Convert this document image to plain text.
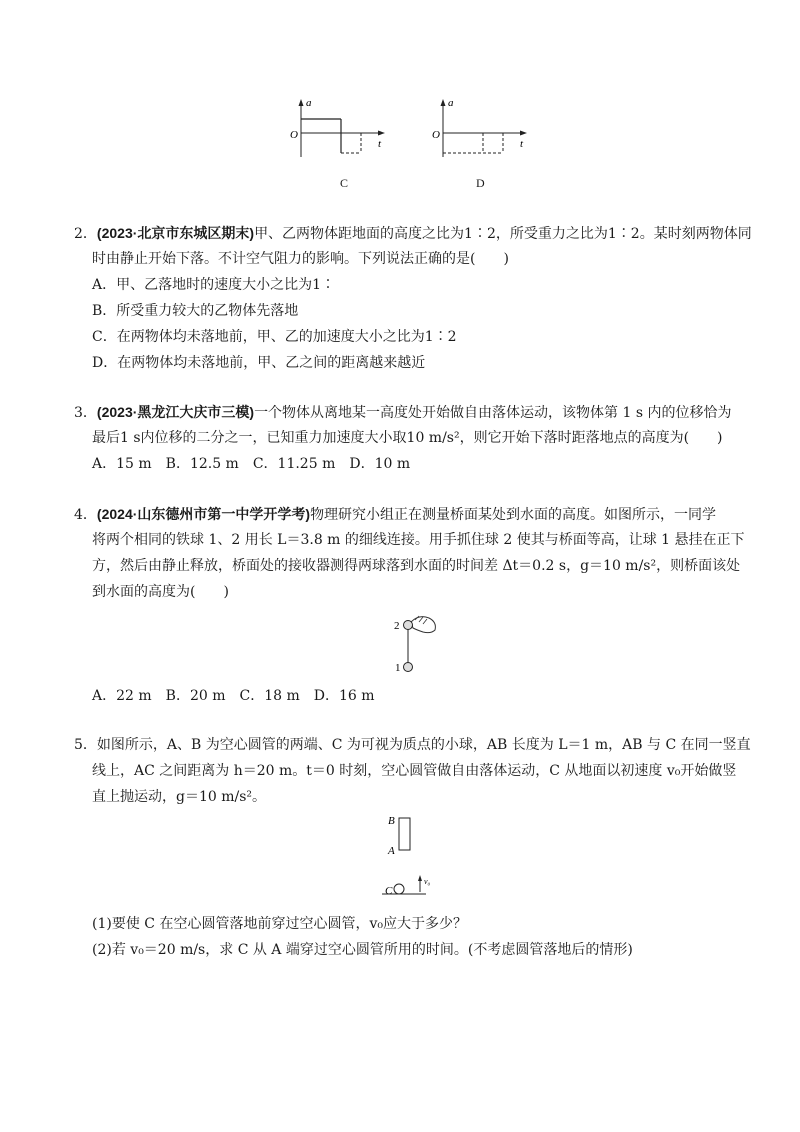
a
t
O
C
a
t
O
D
2．(2023·北京市东城区期末)甲、乙两物体距地面的高度之比为1∶2，所受重力之比为1∶2。某时刻两物体同
时由静止开始下落。不计空气阻力的影响。下列说法正确的是(　　)
A．甲、乙落地时的速度大小之比为1∶
B．所受重力较大的乙物体先落地
C．在两物体均未落地前，甲、乙的加速度大小之比为1∶2
D．在两物体均未落地前，甲、乙之间的距离越来越近
3．(2023·黑龙江大庆市三模)一个物体从离地某一高度处开始做自由落体运动，该物体第 1 s 内的位移恰为
最后1 s内位移的二分之一，已知重力加速度大小取10 m/s²，则它开始下落时距落地点的高度为(　　)
A．15 m　B．12.5 m　C．11.25 m　D．10 m
4．(2024·山东德州市第一中学开学考)物理研究小组正在测量桥面某处到水面的高度。如图所示，一同学
将两个相同的铁球 1、2 用长 L＝3.8 m 的细线连接。用手抓住球 2 使其与桥面等高，让球 1 悬挂在正下
方，然后由静止释放，桥面处的接收器测得两球落到水面的时间差 Δt＝0.2 s，g＝10 m/s²，则桥面该处
到水面的高度为(　　)
2
1
A．22 m　B．20 m　C．18 m　D．16 m
5．如图所示，A、B 为空心圆管的两端、C 为可视为质点的小球，AB 长度为 L＝1 m，AB 与 C 在同一竖直
线上，AC 之间距离为 h＝20 m。t＝0 时刻，空心圆管做自由落体运动，C 从地面以初速度 v₀开始做竖
直上抛运动，g＝10 m/s²。
B
A
C
v₀
(1)要使 C 在空心圆管落地前穿过空心圆管，v₀应大于多少？
(2)若 v₀＝20 m/s，求 C 从 A 端穿过空心圆管所用的时间。(不考虑圆管落地后的情形)
